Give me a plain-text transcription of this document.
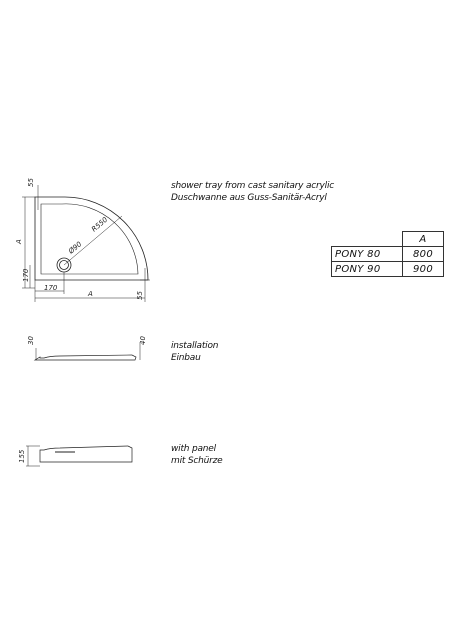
55
A
170
R550
Ø90
170
A	55
30	40
155
shower tray from cast sanitary acrylic
Duschwanne aus Guss-Sanitär-Acryl
installation
Einbau
with panel
mit Schürze
	A
PONY 80	800
PONY 90	900
